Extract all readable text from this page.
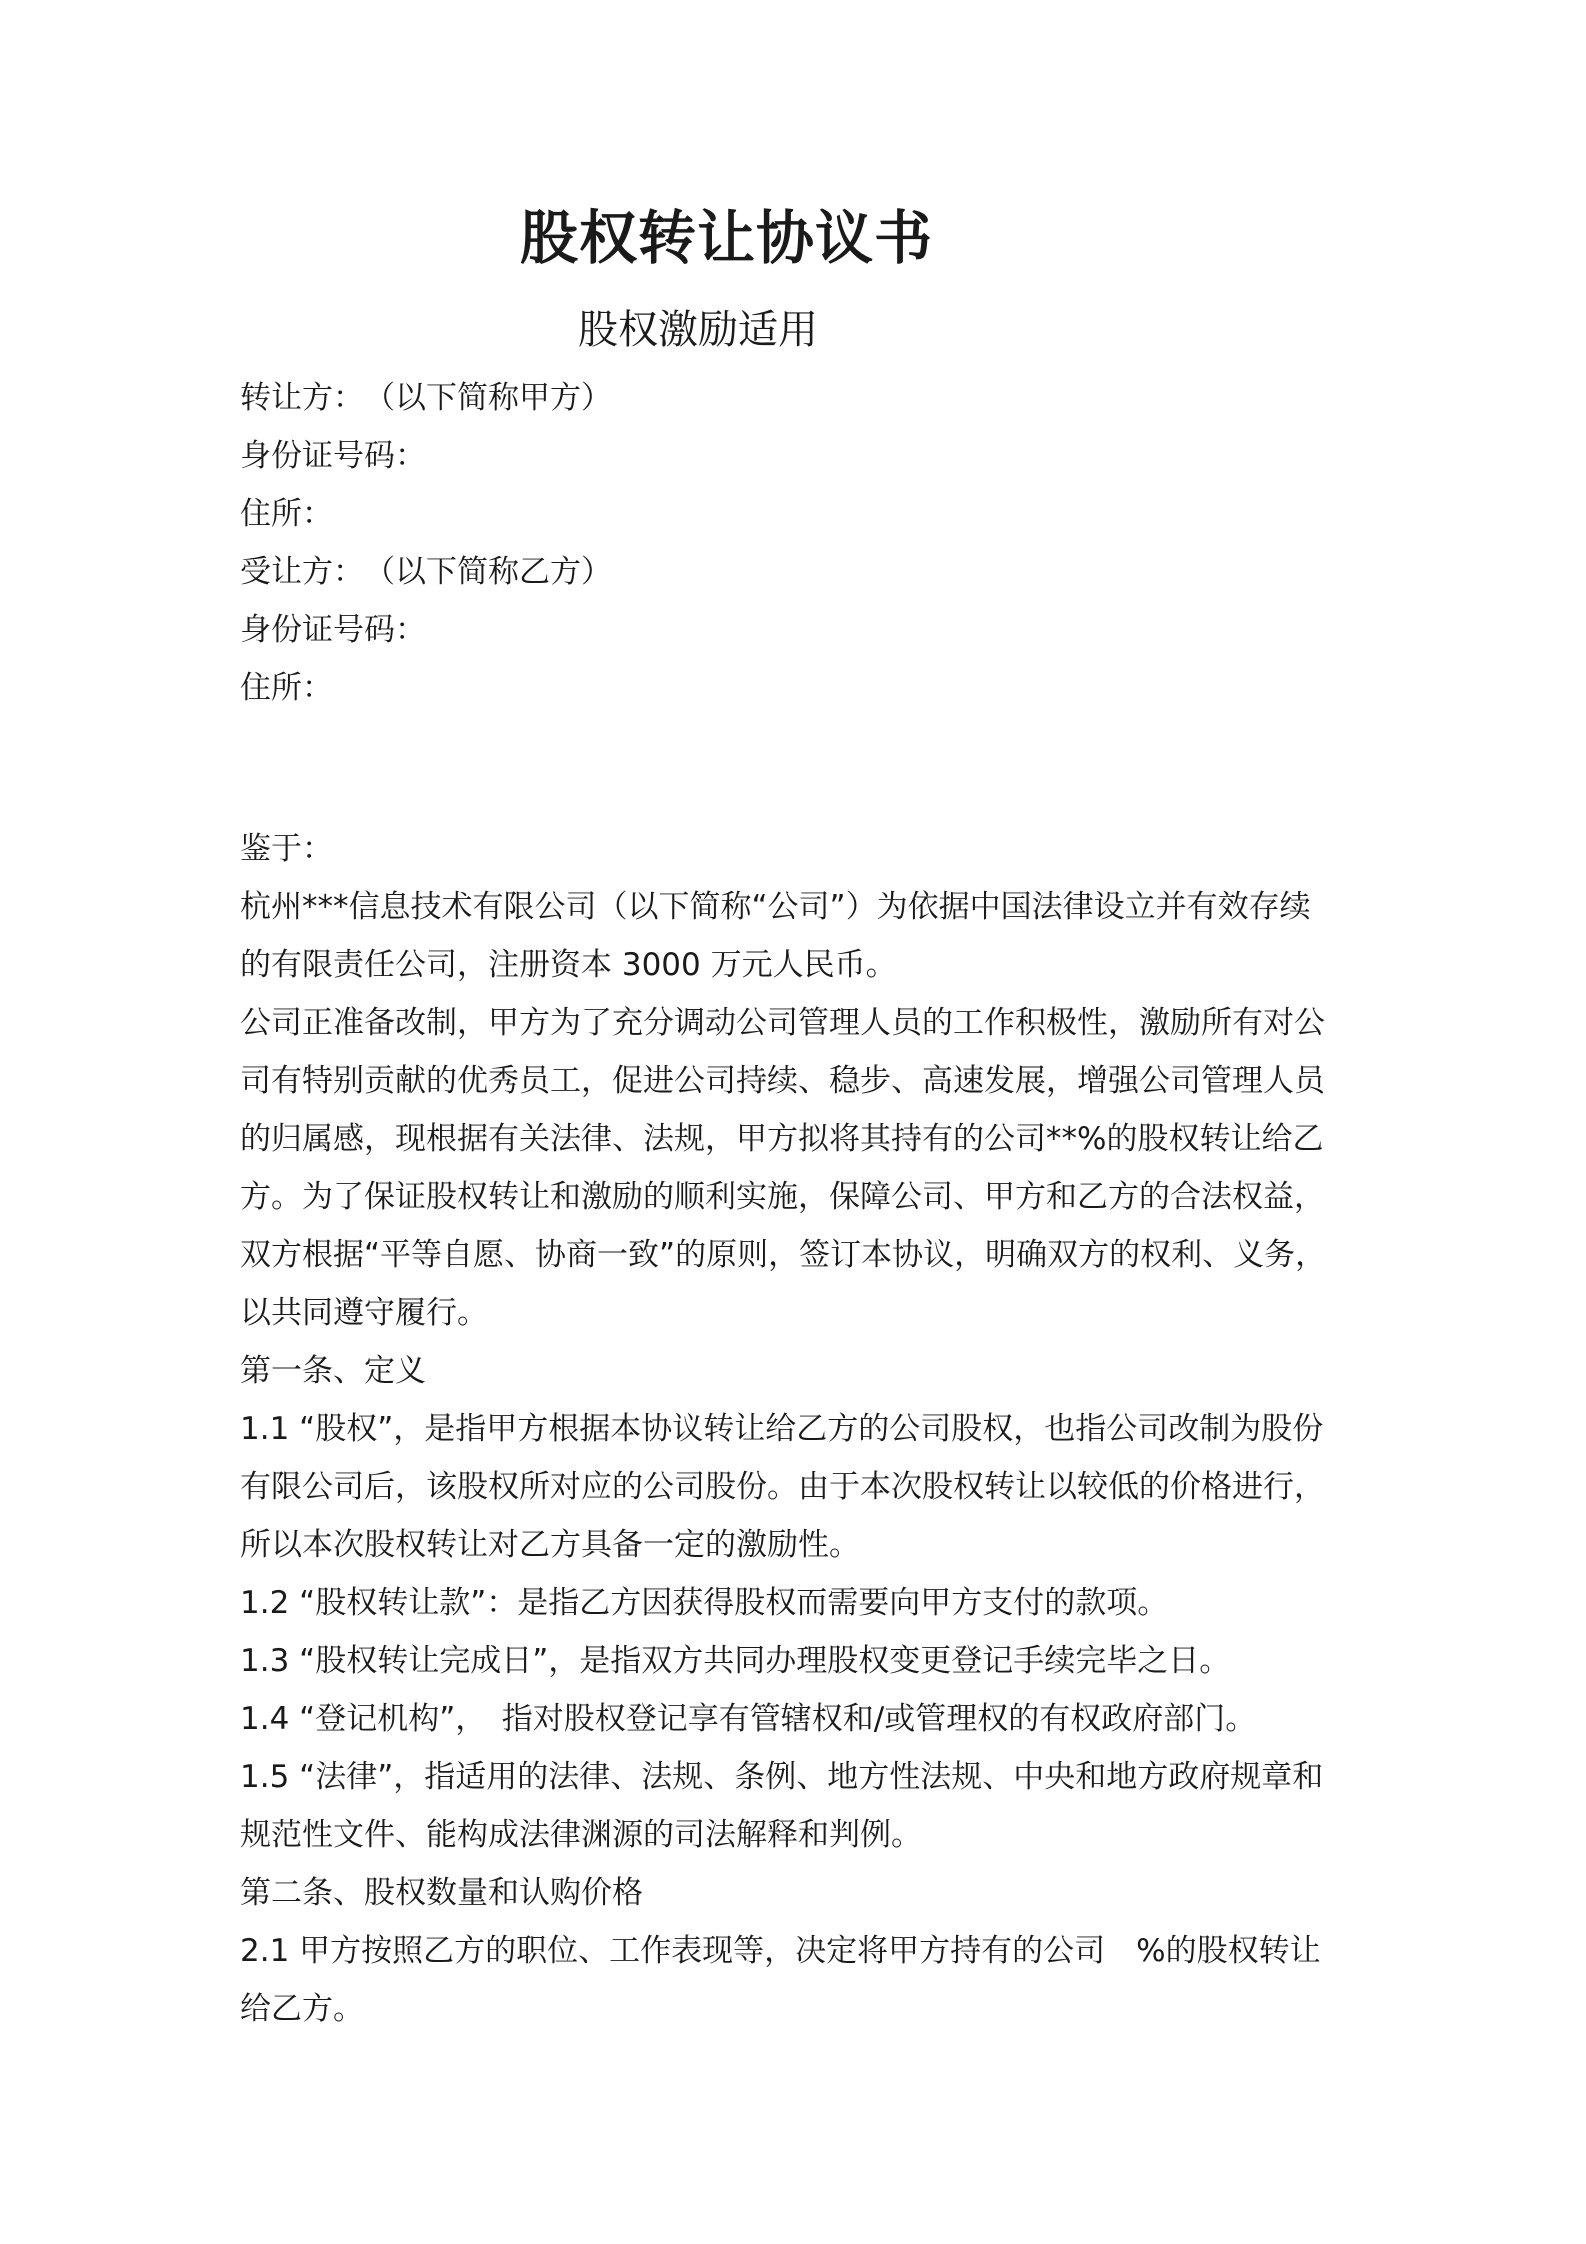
股权转让协议书
股权激励适用
转让方：　（以下简称甲方）
身份证号码：
住所：
受让方：　（以下简称乙方）
身份证号码：
住所：
鉴于：
杭州***信息技术有限公司（以下简称“公司”）为依据中国法律设立并有效存续
的有限责任公司，注册资本 3000 万元人民币。
公司正准备改制，甲方为了充分调动公司管理人员的工作积极性，激励所有对公
司有特别贡献的优秀员工，促进公司持续、稳步、高速发展，增强公司管理人员
的归属感，现根据有关法律、法规，甲方拟将其持有的公司**%的股权转让给乙
方。为了保证股权转让和激励的顺利实施，保障公司、甲方和乙方的合法权益，
双方根据“平等自愿、协商一致”的原则，签订本协议，明确双方的权利、义务，
以共同遵守履行。
第一条、定义
1.1 “股权”，是指甲方根据本协议转让给乙方的公司股权，也指公司改制为股份
有限公司后，该股权所对应的公司股份。由于本次股权转让以较低的价格进行，
所以本次股权转让对乙方具备一定的激励性。
1.2 “股权转让款”：是指乙方因获得股权而需要向甲方支付的款项。
1.3 “股权转让完成日”，是指双方共同办理股权变更登记手续完毕之日。
1.4 “登记机构”，　指对股权登记享有管辖权和/或管理权的有权政府部门。
1.5 “法律”，指适用的法律、法规、条例、地方性法规、中央和地方政府规章和
规范性文件、能构成法律渊源的司法解释和判例。
第二条、股权数量和认购价格
2.1 甲方按照乙方的职位、工作表现等，决定将甲方持有的公司　%的股权转让
给乙方。
